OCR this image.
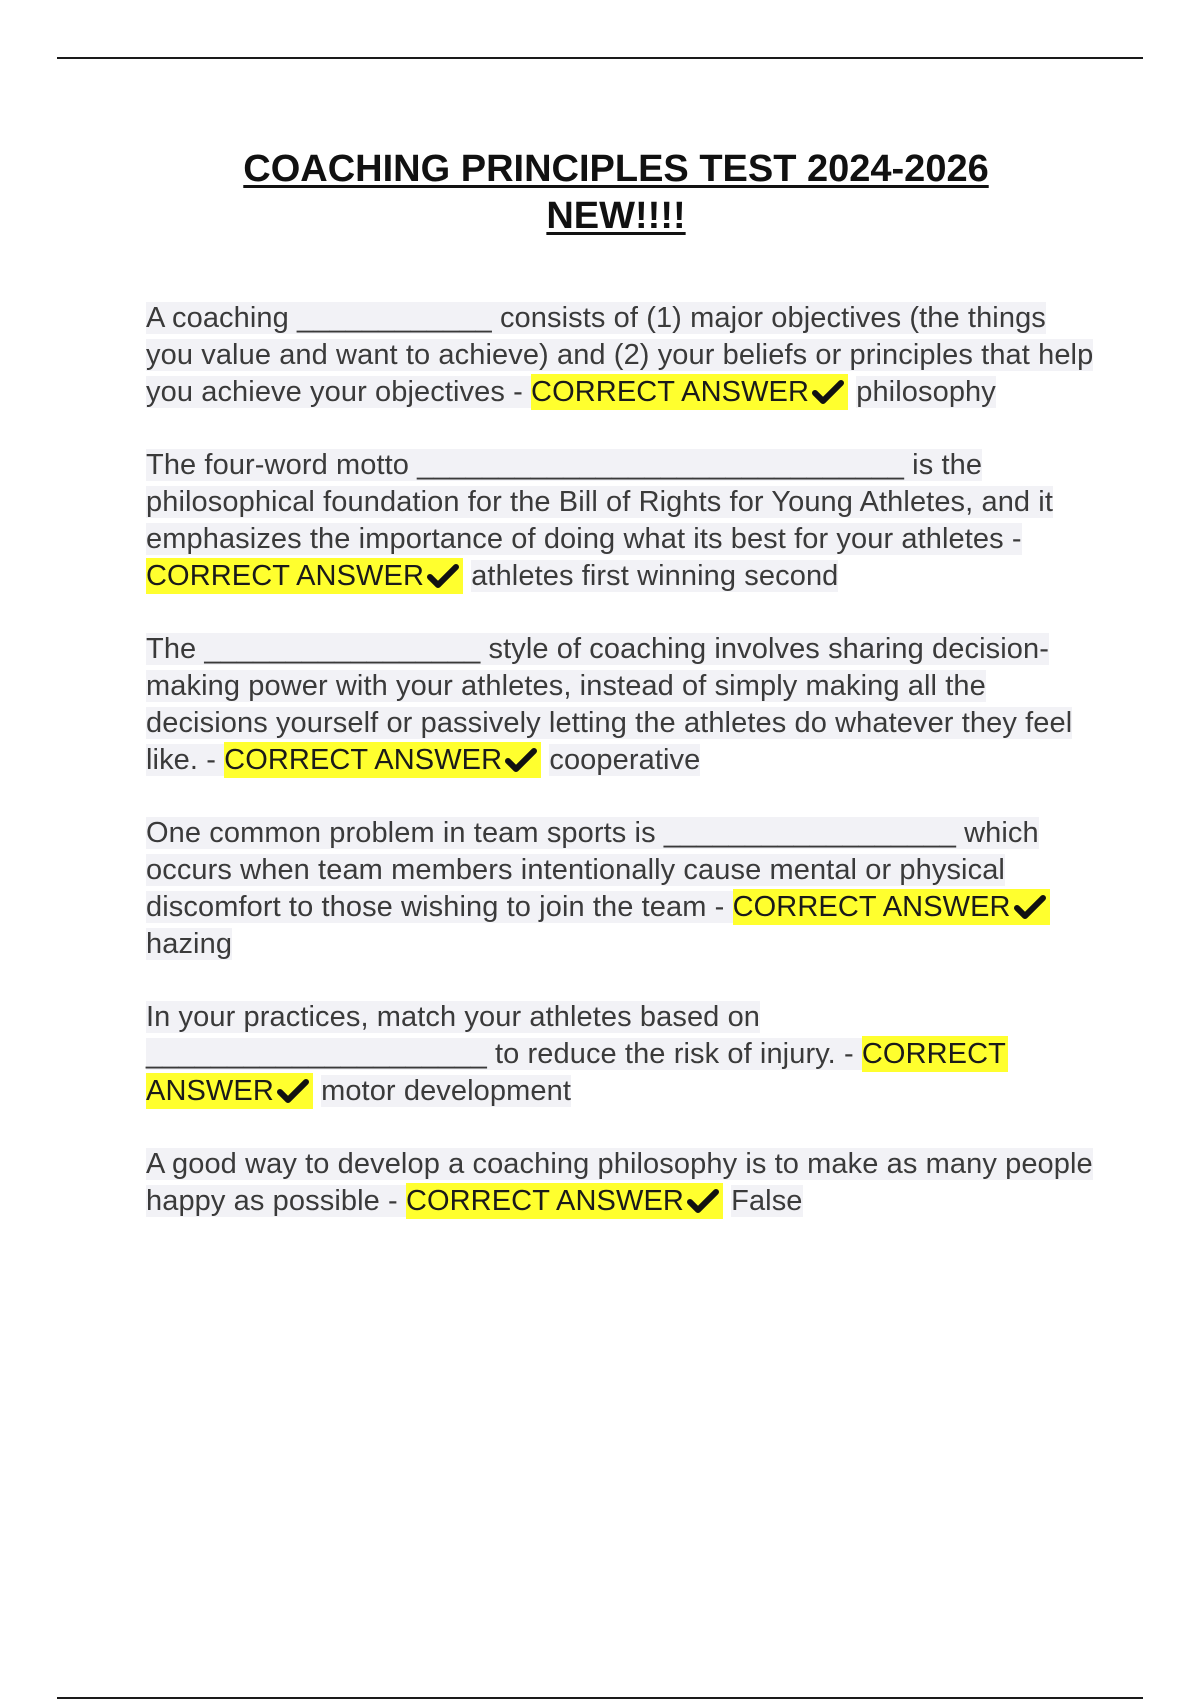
COACHING PRINCIPLES TEST 2024-2026
NEW!!!!

A coaching ____________ consists of (1) major objectives (the things you value and want to achieve) and (2) your beliefs or principles that help you achieve your objectives - CORRECT ANSWER philosophy

The four-word motto ______________________________ is the philosophical foundation for the Bill of Rights for Young Athletes, and it emphasizes the importance of doing what its best for your athletes - CORRECT ANSWER athletes first winning second

The _________________ style of coaching involves sharing decision-making power with your athletes, instead of simply making all the decisions yourself or passively letting the athletes do whatever they feel like. - CORRECT ANSWER cooperative

One common problem in team sports is __________________ which occurs when team members intentionally cause mental or physical discomfort to those wishing to join the team - CORRECT ANSWER hazing

In your practices, match your athletes based on _____________________ to reduce the risk of injury. - CORRECT ANSWER motor development

A good way to develop a coaching philosophy is to make as many people happy as possible - CORRECT ANSWER False
